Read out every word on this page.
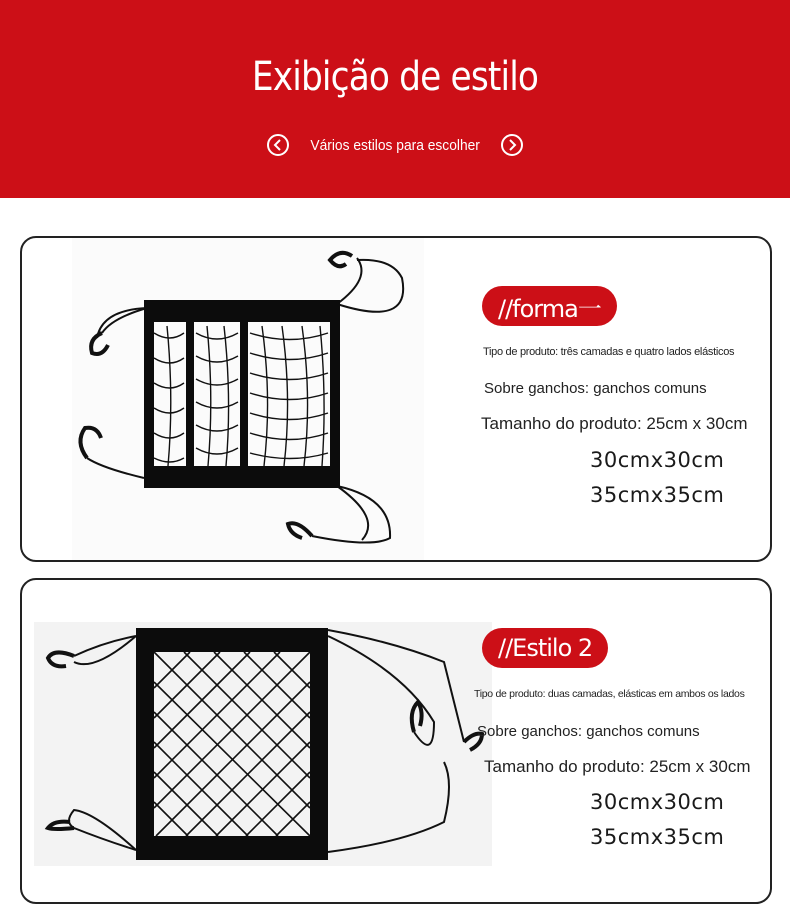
Exibição de estilo
Vários estilos para escolher
//forma一
Tipo de produto: três camadas e quatro lados elásticos
Sobre ganchos: ganchos comuns
Tamanho do produto: 25cm x 30cm
30cmx30cm
35cmx35cm
//Estilo 2
Tipo de produto: duas camadas, elásticas em ambos os lados
Sobre ganchos: ganchos comuns
Tamanho do produto: 25cm x 30cm
30cmx30cm
35cmx35cm
